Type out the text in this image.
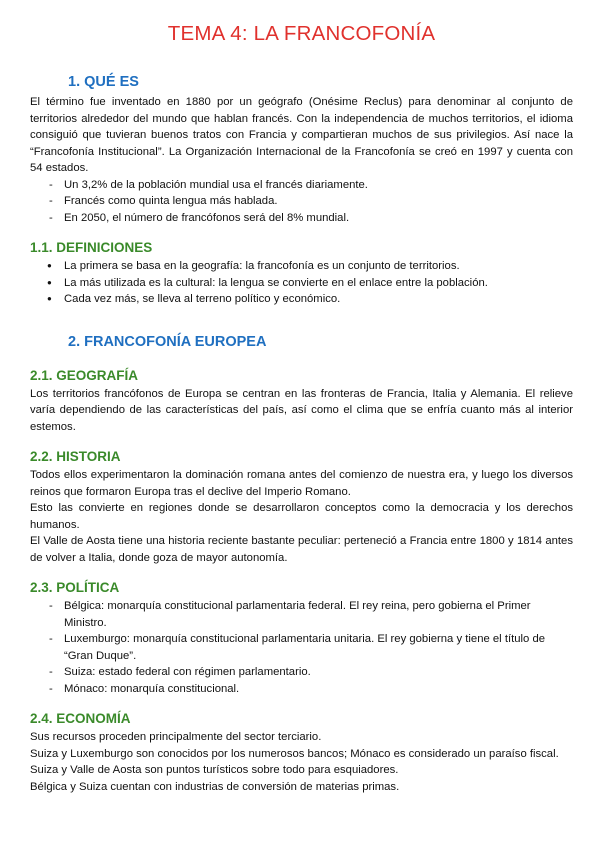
TEMA 4: LA FRANCOFONÍA
1. QUÉ ES

El término fue inventado en 1880 por un geógrafo (Onésime Reclus) para denominar al conjunto de territorios alrededor del mundo que hablan francés. Con la independencia de muchos territorios, el idioma consiguió que tuvieran buenos tratos con Francia y compartieran muchos de sus privilegios. Así nace la “Francofonía Institucional”. La Organización Internacional de la Francofonía se creó en 1997 y cuenta con 54 estados.

- Un 3,2% de la población mundial usa el francés diariamente.
- Francés como quinta lengua más hablada.
- En 2050, el número de francófonos será del 8% mundial.
1.1. DEFINICIONES
● La primera se basa en la geografía: la francofonía es un conjunto de territorios.
● La más utilizada es la cultural: la lengua se convierte en el enlace entre la población.
● Cada vez más, se lleva al terreno político y económico.
2. FRANCOFONÍA EUROPEA
2.1. GEOGRAFÍA

Los territorios francófonos de Europa se centran en las fronteras de Francia, Italia y Alemania. El relieve varía dependiendo de las características del país, así como el clima que se enfría cuanto más al interior estemos.

2.2. HISTORIA

Todos ellos experimentaron la dominación romana antes del comienzo de nuestra era, y luego los diversos reinos que formaron Europa tras el declive del Imperio Romano.

Esto las convierte en regiones donde se desarrollaron conceptos como la democracia y los derechos humanos.

El Valle de Aosta tiene una historia reciente bastante peculiar: perteneció a Francia entre 1800 y 1814 antes de volver a Italia, donde goza de mayor autonomía.

2.3. POLÍTICA
- Bélgica: monarquía constitucional parlamentaria federal. El rey reina, pero gobierna el Primer Ministro.
- Luxemburgo: monarquía constitucional parlamentaria unitaria. El rey gobierna y tiene el título de “Gran Duque”.
- Suiza: estado federal con régimen parlamentario.
- Mónaco: monarquía constitucional.
2.4. ECONOMÍA

Sus recursos proceden principalmente del sector terciario.

Suiza y Luxemburgo son conocidos por los numerosos bancos; Mónaco es considerado un paraíso fiscal.

Suiza y Valle de Aosta son puntos turísticos sobre todo para esquiadores.

Bélgica y Suiza cuentan con industrias de conversión de materias primas.
